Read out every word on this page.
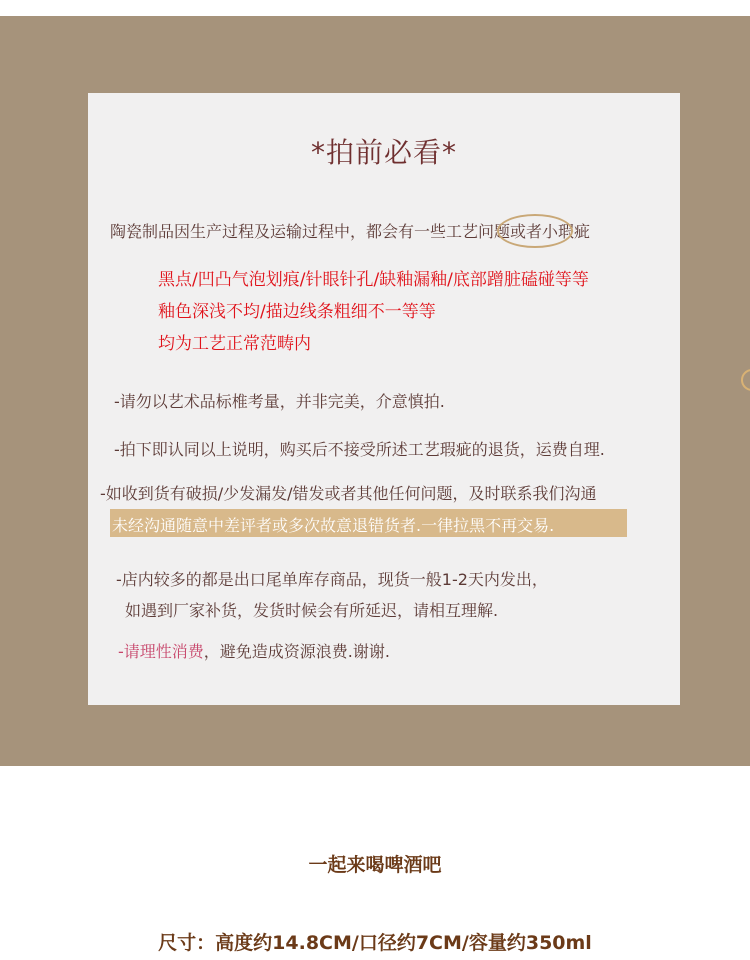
*拍前必看*
陶瓷制品因生产过程及运输过程中，都会有一些工艺问题或者小瑕疵
黑点/凹凸气泡划痕/针眼针孔/缺釉漏釉/底部蹭脏磕碰等等
釉色深浅不均/描边线条粗细不一等等
均为工艺正常范畴内
-请勿以艺术品标椎考量，并非完美，介意慎拍.
-拍下即认同以上说明，购买后不接受所述工艺瑕疵的退货，运费自理.
-如收到货有破损/少发漏发/错发或者其他任何问题，及时联系我们沟通
未经沟通随意中差评者或多次故意退错货者.一律拉黑不再交易.
-店内较多的都是出口尾单库存商品，现货一般1-2天内发出，
如遇到厂家补货，发货时候会有所延迟，请相互理解.
-请理性消费，避免造成资源浪费.谢谢.
一起来喝啤酒吧
尺寸：高度约14.8CM/口径约7CM/容量约350ml
